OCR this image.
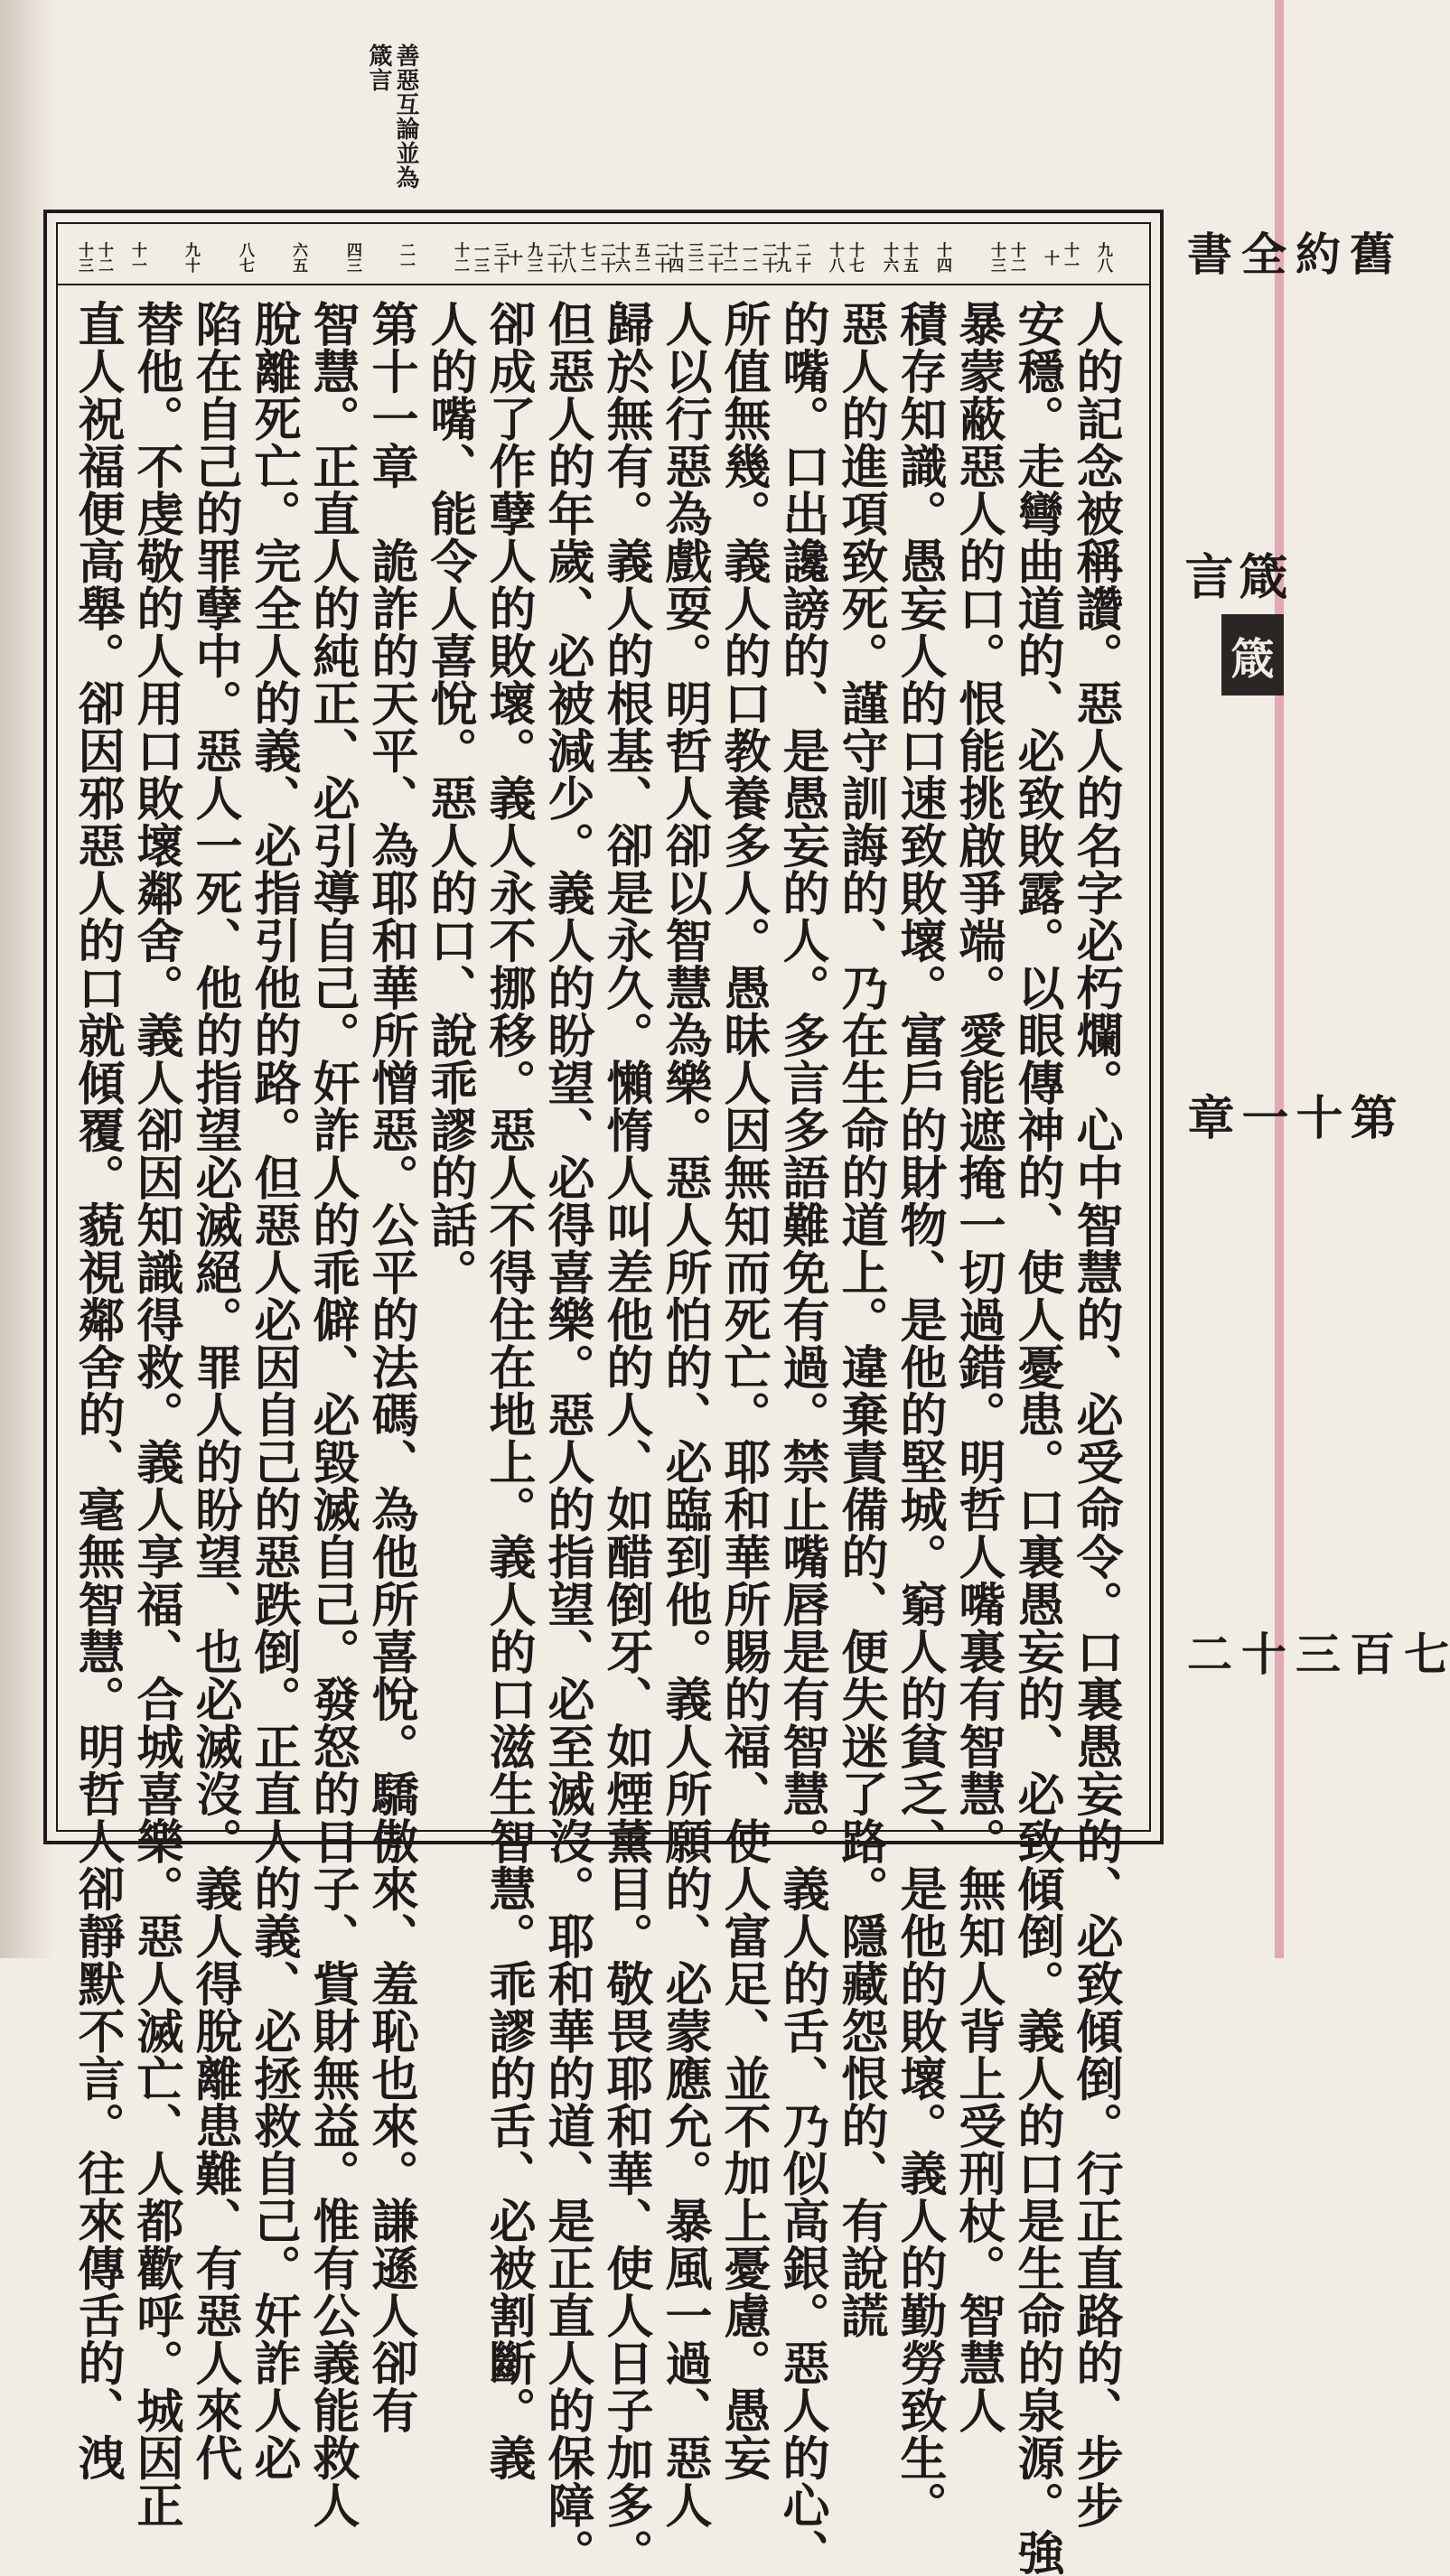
善惡互論並為箴言
舊約全書
箴言
第十一章
七百三十二
箴
九八
十一十
十二十三
十四
十五十六
十七十八
二十十九
二十一二十二
二十三二十四
二十五二十六
二十七二十八
二十九三十
三十一三十二
二一
四三
六五
八七
九十
十一
十二十三
人的記念被稱讚。惡人的名字必朽爛。心中智慧的、必受命令。口裏愚妄的、必致傾倒。行正直路的、步步
安穩。走彎曲道的、必致敗露。以眼傳神的、使人憂患。口裏愚妄的、必致傾倒。義人的口是生命的泉源。強
暴蒙蔽惡人的口。恨能挑啟爭端。愛能遮掩一切過錯。明哲人嘴裏有智慧。無知人背上受刑杖。智慧人
積存知識。愚妄人的口速致敗壞。富戶的財物、是他的堅城。窮人的貧乏、是他的敗壞。義人的勤勞致生。
惡人的進項致死。謹守訓誨的、乃在生命的道上。違棄責備的、便失迷了路。隱藏怨恨的、有說謊
的嘴。口出讒謗的、是愚妄的人。多言多語難免有過。禁止嘴唇是有智慧。義人的舌、乃似高銀。惡人的心、
所值無幾。義人的口教養多人。愚昧人因無知而死亡。耶和華所賜的福、使人富足、並不加上憂慮。愚妄
人以行惡為戲耍。明哲人卻以智慧為樂。惡人所怕的、必臨到他。義人所願的、必蒙應允。暴風一過、惡人
歸於無有。義人的根基、卻是永久。懶惰人叫差他的人、如醋倒牙、如煙薰目。敬畏耶和華、使人日子加多。
但惡人的年歲、必被減少。義人的盼望、必得喜樂。惡人的指望、必至滅沒。耶和華的道、是正直人的保障。
卻成了作孽人的敗壞。義人永不挪移。惡人不得住在地上。義人的口滋生智慧。乖謬的舌、必被割斷。義
人的嘴、能令人喜悅。惡人的口、說乖謬的話。
第十一章　詭詐的天平、為耶和華所憎惡。公平的法碼、為他所喜悅。驕傲來、羞恥也來。謙遜人卻有
智慧。正直人的純正、必引導自己。奸詐人的乖僻、必毀滅自己。發怒的日子、貲財無益。惟有公義能救人
脫離死亡。完全人的義、必指引他的路。但惡人必因自己的惡跌倒。正直人的義、必拯救自己。奸詐人必
陷在自己的罪孽中。惡人一死、他的指望必滅絕。罪人的盼望、也必滅沒。義人得脫離患難、有惡人來代
替他。不虔敬的人用口敗壞鄰舍。義人卻因知識得救。義人享福、合城喜樂。惡人滅亡、人都歡呼。城因正
直人祝福便高舉。卻因邪惡人的口就傾覆。藐視鄰舍的、毫無智慧。明哲人卻靜默不言。往來傳舌的、洩
